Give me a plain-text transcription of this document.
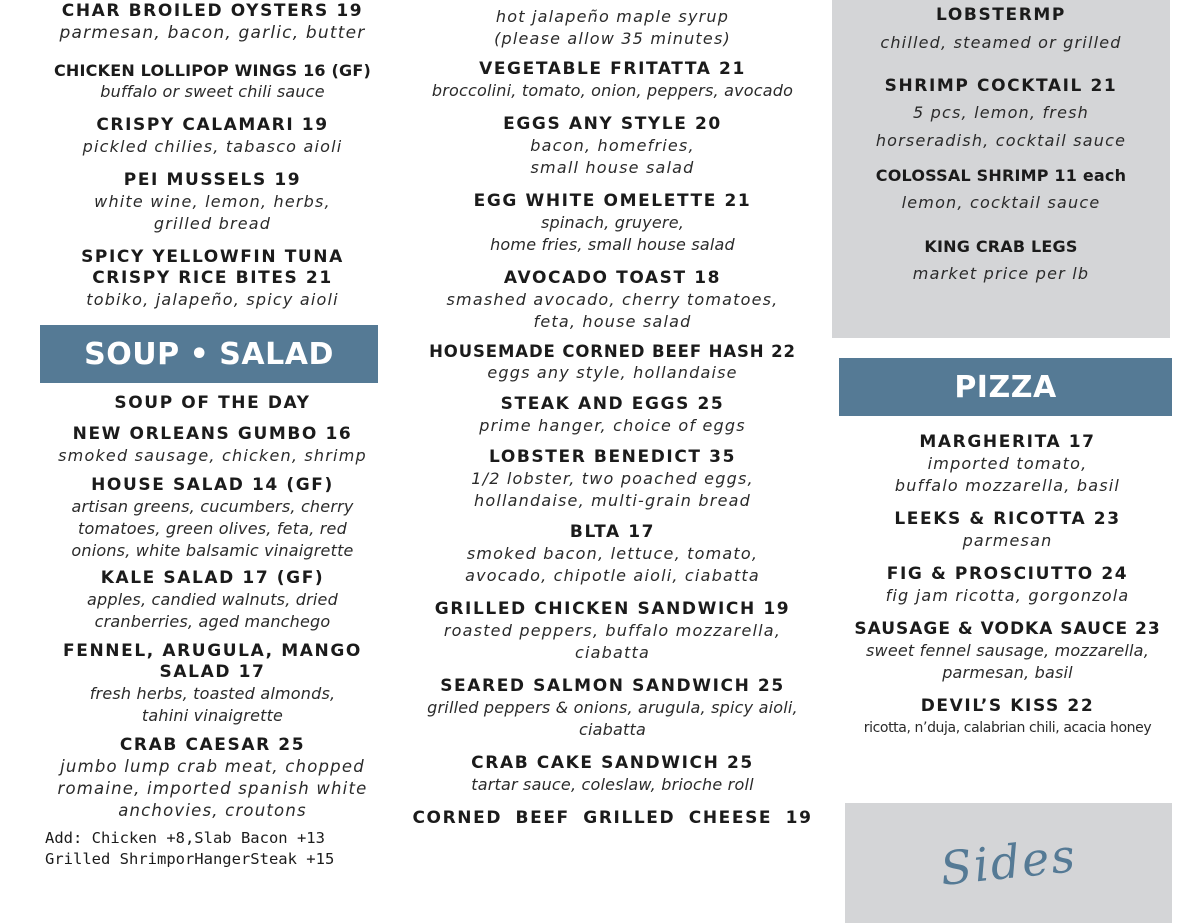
CHAR BROILED OYSTERS 19
parmesan, bacon, garlic, butter
CHICKEN LOLLIPOP WINGS 16 (GF)
buffalo or sweet chili sauce
CRISPY CALAMARI 19
pickled chilies, tabasco aioli
PEI MUSSELS 19
white wine, lemon, herbs,
grilled bread
SPICY YELLOWFIN TUNA
CRISPY RICE BITES 21
tobiko, jalapeño, spicy aioli
SOUP • SALAD
SOUP OF THE DAY
NEW ORLEANS GUMBO 16
smoked sausage, chicken, shrimp
HOUSE SALAD 14 (GF)
artisan greens, cucumbers, cherry
tomatoes, green olives, feta, red
onions, white balsamic vinaigrette
KALE SALAD 17 (GF)
apples, candied walnuts, dried
cranberries, aged manchego
FENNEL, ARUGULA, MANGO
SALAD 17
fresh herbs, toasted almonds,
tahini vinaigrette
CRAB CAESAR 25
jumbo lump crab meat, chopped
romaine, imported spanish white
anchovies, croutons
Add: Chicken +8,Slab Bacon +13
Grilled ShrimporHangerSteak +15
hot jalapeño maple syrup
(please allow 35 minutes)
VEGETABLE FRITATTA 21
broccolini, tomato, onion, peppers, avocado
EGGS ANY STYLE 20
bacon, homefries,
small house salad
EGG WHITE OMELETTE 21
spinach, gruyere,
home fries, small house salad
AVOCADO TOAST 18
smashed avocado, cherry tomatoes,
feta, house salad
HOUSEMADE CORNED BEEF HASH 22
eggs any style, hollandaise
STEAK AND EGGS 25
prime hanger, choice of eggs
LOBSTER BENEDICT 35
1/2 lobster, two poached eggs,
hollandaise, multi-grain bread
BLTA 17
smoked bacon, lettuce, tomato,
avocado, chipotle aioli, ciabatta
GRILLED CHICKEN SANDWICH 19
roasted peppers, buffalo mozzarella,
ciabatta
SEARED SALMON SANDWICH 25
grilled peppers & onions, arugula, spicy aioli,
ciabatta
CRAB CAKE SANDWICH 25
tartar sauce, coleslaw, brioche roll
CORNED BEEF GRILLED CHEESE 19
LOBSTERMP
chilled, steamed or grilled
SHRIMP COCKTAIL 21
5 pcs, lemon, fresh
horseradish, cocktail sauce
COLOSSAL SHRIMP 11 each
lemon, cocktail sauce
KING CRAB LEGS
market price per lb
PIZZA
MARGHERITA 17
imported tomato,
buffalo mozzarella, basil
LEEKS & RICOTTA 23
parmesan
FIG & PROSCIUTTO 24
fig jam ricotta, gorgonzola
SAUSAGE & VODKA SAUCE 23
sweet fennel sausage, mozzarella,
parmesan, basil
DEVIL’S KISS 22
ricotta, n’duja, calabrian chili, acacia honey
Sides
